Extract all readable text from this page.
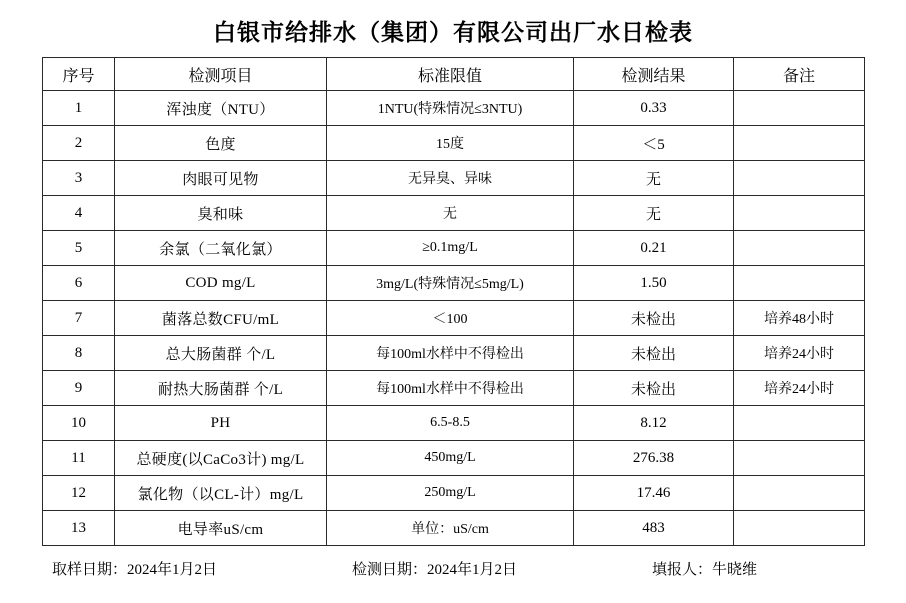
白银市给排水（集团）有限公司出厂水日检表
序号	检测项目	标准限值	检测结果	备注
1	浑浊度（NTU）	1NTU(特殊情况≤3NTU)	0.33	
2	色度	15度	＜5	
3	肉眼可见物	无异臭、异味	无	
4	臭和味	无	无	
5	余氯（二氧化氯）	≥0.1mg/L	0.21	
6	COD mg/L	3mg/L(特殊情况≤5mg/L)	1.50	
7	菌落总数CFU/mL	＜100	未检出	培养48小时
8	总大肠菌群 个/L	每100ml水样中不得检出	未检出	培养24小时
9	耐热大肠菌群 个/L	每100ml水样中不得检出	未检出	培养24小时
10	PH	6.5-8.5	8.12	
11	总硬度(以CaCo3计) mg/L	450mg/L	276.38	
12	氯化物（以CL-计）mg/L	250mg/L	17.46	
13	电导率uS/cm	单位：uS/cm	483	
取样日期：2024年1月2日	检测日期：2024年1月2日	填报人：牛晓维
